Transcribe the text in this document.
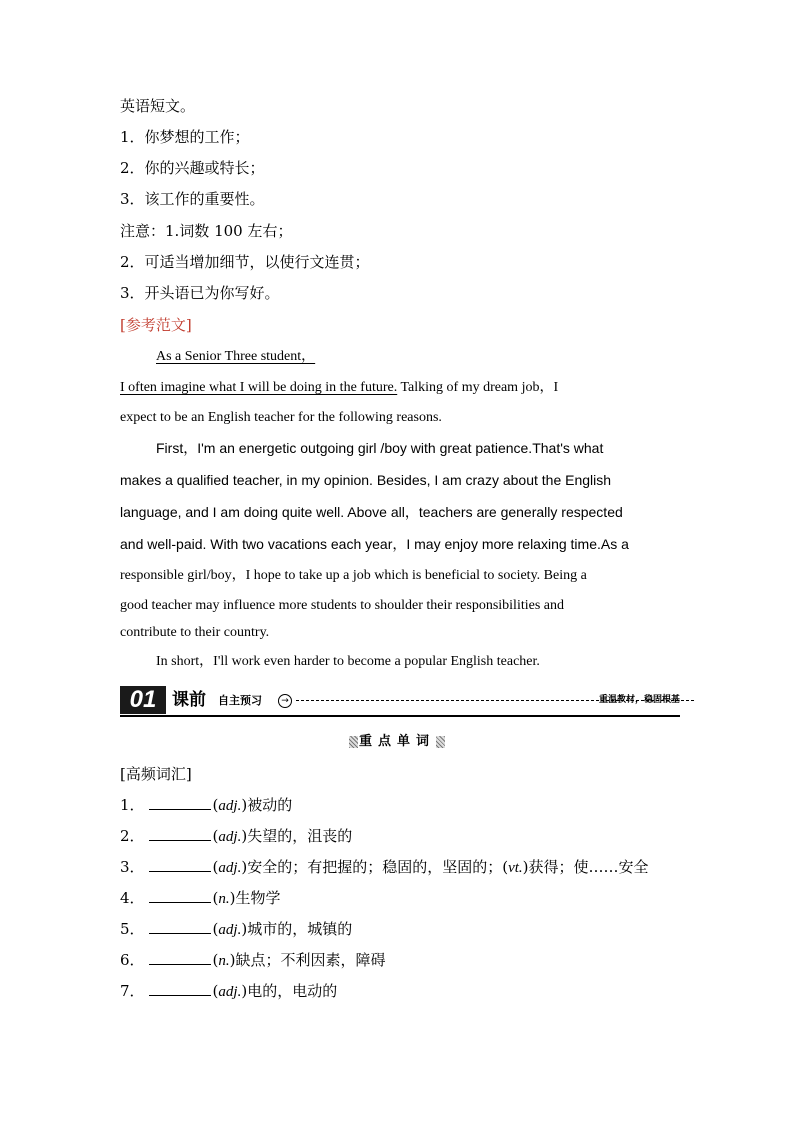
英语短文。
1．你梦想的工作；
2．你的兴趣或特长；
3．该工作的重要性。
注意：1.词数 100 左右；
2．可适当增加细节，以使行文连贯；
3．开头语已为你写好。
[参考范文]
As a Senior Three student，
I often imagine what I will be doing in the future. Talking of my dream job，I
expect to be an English teacher for the following reasons.
First，I'm an energetic outgoing girl /boy with great patience.That's what
makes a qualified teacher, in my opinion. Besides, I am crazy about the English
language, and I am doing quite well. Above all，teachers are generally respected
and well-paid. With two vacations each year，I may enjoy more relaxing time.As a
responsible girl/boy，I hope to take up a job which is beneficial to society. Being a
good teacher may influence more students to shoulder their responsibilities and
contribute to their country.
In short，I'll work even harder to become a popular English teacher.
01 课前 自主预习	→	重温教材，稳固根基
重点单词
[高频词汇]
1．	(adj.)被动的
2．	(adj.)失望的，沮丧的
3．	(adj.)安全的；有把握的；稳固的，坚固的；(vt.)获得；使……安全
4．	(n.)生物学
5．	(adj.)城市的，城镇的
6．	(n.)缺点；不利因素，障碍
7．	(adj.)电的，电动的
